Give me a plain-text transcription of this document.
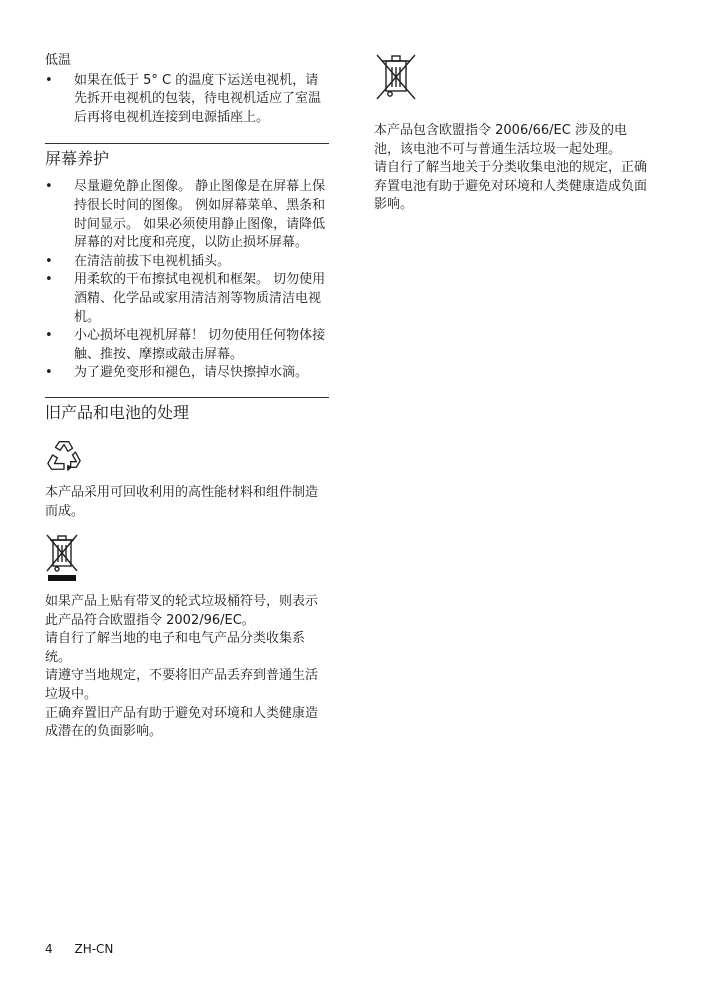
低温
• 如果在低于 5° C 的温度下运送电视机，请先拆开电视机的包装，待电视机适应了室温后再将电视机连接到电源插座上。
屏幕养护
• 尽量避免静止图像。 静止图像是在屏幕上保持很长时间的图像。 例如屏幕菜单、黑条和时间显示。 如果必须使用静止图像，请降低屏幕的对比度和亮度，以防止损坏屏幕。
• 在清洁前拔下电视机插头。
• 用柔软的干布擦拭电视机和框架。 切勿使用酒精、化学品或家用清洁剂等物质清洁电视机。
• 小心损坏电视机屏幕！ 切勿使用任何物体接触、推按、摩擦或敲击屏幕。
• 为了避免变形和褪色，请尽快擦掉水滴。
旧产品和电池的处理

本产品采用可回收利用的高性能材料和组件制造而成。

如果产品上贴有带叉的轮式垃圾桶符号，则表示此产品符合欧盟指令 2002/96/EC。

请自行了解当地的电子和电气产品分类收集系统。

请遵守当地规定，不要将旧产品丢弃到普通生活垃圾中。

正确弃置旧产品有助于避免对环境和人类健康造成潜在的负面影响。

本产品包含欧盟指令 2006/66/EC 涉及的电池，该电池不可与普通生活垃圾一起处理。

请自行了解当地关于分类收集电池的规定，正确弃置电池有助于避免对环境和人类健康造成负面影响。

4 ZH-CN
